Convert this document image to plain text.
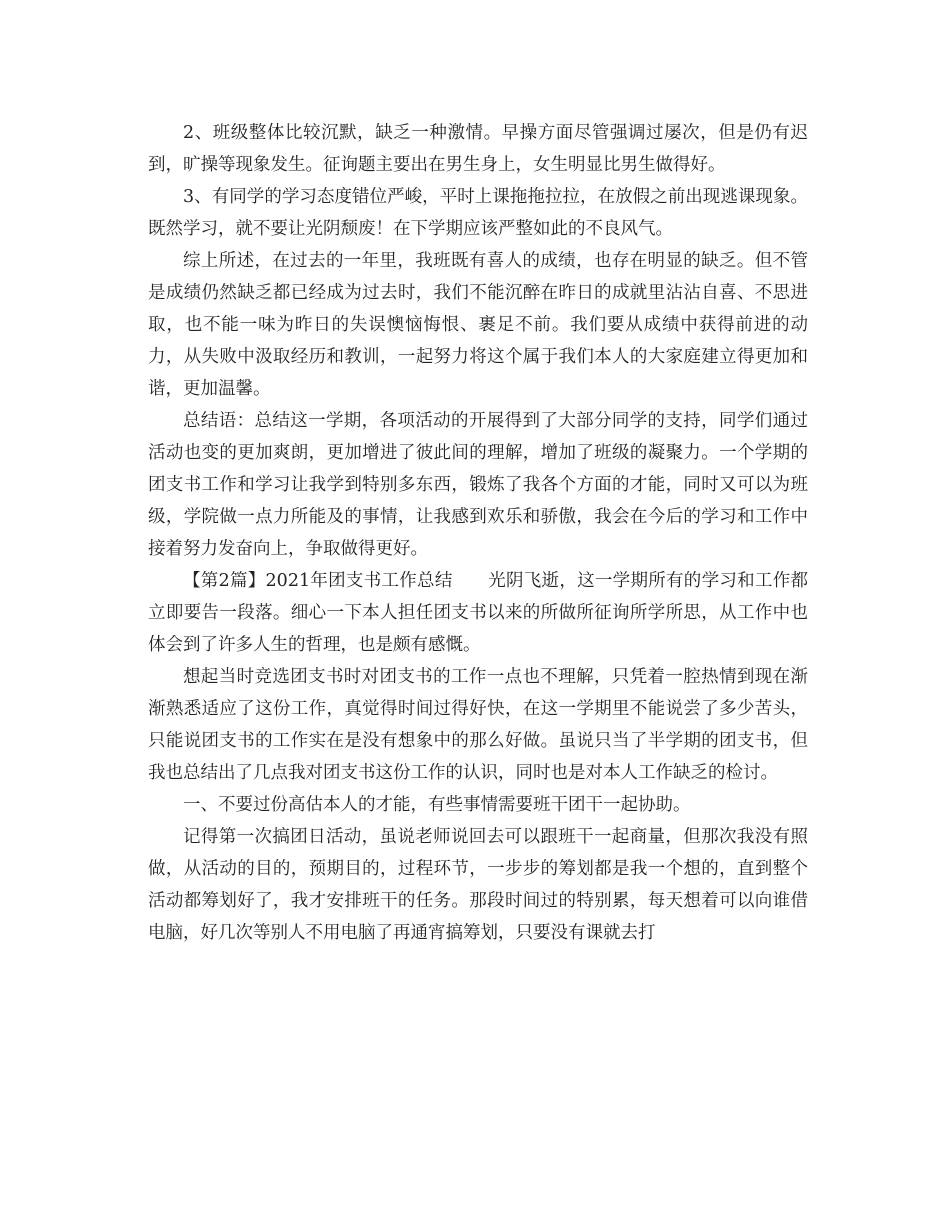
2、班级整体比较沉默，缺乏一种激情。早操方面尽管强调过屡次，但是仍有迟到，旷操等现象发生。征询题主要出在男生身上，女生明显比男生做得好。

3、有同学的学习态度错位严峻，平时上课拖拖拉拉，在放假之前出现逃课现象。既然学习，就不要让光阴颓废！在下学期应该严整如此的不良风气。

综上所述，在过去的一年里，我班既有喜人的成绩，也存在明显的缺乏。但不管是成绩仍然缺乏都已经成为过去时，我们不能沉醉在昨日的成就里沾沾自喜、不思进取，也不能一味为昨日的失误懊恼悔恨、裹足不前。我们要从成绩中获得前进的动力，从失败中汲取经历和教训，一起努力将这个属于我们本人的大家庭建立得更加和谐，更加温馨。

总结语：总结这一学期，各项活动的开展得到了大部分同学的支持，同学们通过活动也变的更加爽朗，更加增进了彼此间的理解，增加了班级的凝聚力。一个学期的团支书工作和学习让我学到特别多东西，锻炼了我各个方面的才能，同时又可以为班级，学院做一点力所能及的事情，让我感到欢乐和骄傲，我会在今后的学习和工作中接着努力发奋向上，争取做得更好。

【第2篇】2021年团支书工作总结　　光阴飞逝，这一学期所有的学习和工作都立即要告一段落。细心一下本人担任团支书以来的所做所征询所学所思，从工作中也体会到了许多人生的哲理，也是颇有感慨。

想起当时竞选团支书时对团支书的工作一点也不理解，只凭着一腔热情到现在渐渐熟悉适应了这份工作，真觉得时间过得好快，在这一学期里不能说尝了多少苦头，只能说团支书的工作实在是没有想象中的那么好做。虽说只当了半学期的团支书，但我也总结出了几点我对团支书这份工作的认识，同时也是对本人工作缺乏的检讨。

一、不要过份高估本人的才能，有些事情需要班干团干一起协助。

记得第一次搞团日活动，虽说老师说回去可以跟班干一起商量，但那次我没有照做，从活动的目的，预期目的，过程环节，一步步的筹划都是我一个想的，直到整个活动都筹划好了，我才安排班干的任务。那段时间过的特别累，每天想着可以向谁借电脑，好几次等别人不用电脑了再通宵搞筹划，只要没有课就去打
